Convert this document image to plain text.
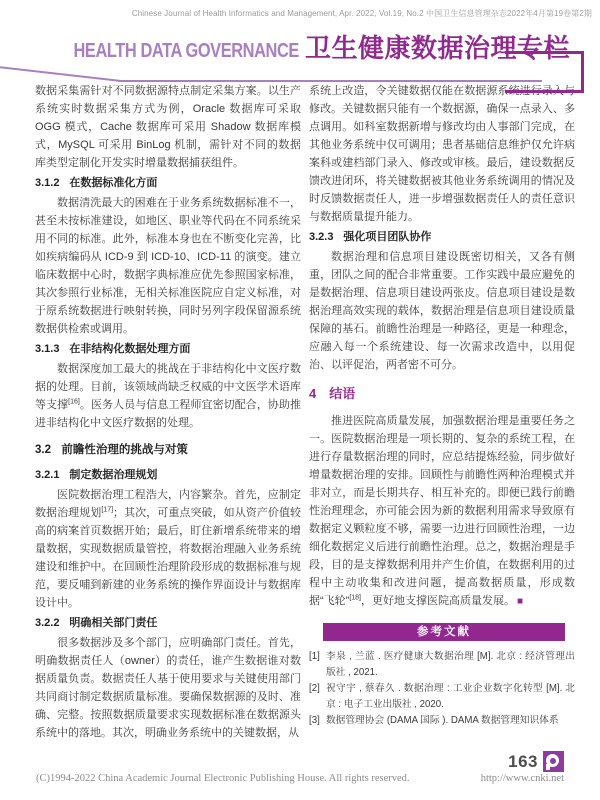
Chinese Journal of Health Informatics and Management, Apr. 2022, Vol.19, No.2 中国卫生信息管理杂志2022年4月第19卷第2期
HEALTH DATA GOVERNANCE 卫生健康数据治理专栏

数据采集需针对不同数据源特点制定采集方案。以生产系统实时数据采集方式为例，Oracle 数据库可采取 OGG 模式，Cache 数据库可采用 Shadow 数据库模式，MySQL 可采用 BinLog 机制，需针对不同的数据库类型定制化开发实时增量数据捕获组件。

3.1.2 在数据标准化方面

数据清洗最大的困难在于业务系统数据标准不一，甚至未按标准建设，如地区、职业等代码在不同系统采用不同的标准。此外，标准本身也在不断变化完善，比如疾病编码从 ICD-9 到 ICD-10、ICD-11 的演变。建立临床数据中心时，数据字典标准应优先参照国家标准，其次参照行业标准，无相关标准医院应自定义标准，对于原系统数据进行映射转换，同时另列字段保留源系统数据供检索或调用。

3.1.3 在非结构化数据处理方面

数据深度加工最大的挑战在于非结构化中文医疗数据的处理。目前，该领域尚缺乏权威的中文医学术语库等支撑[16]。医务人员与信息工程师宜密切配合，协助推进非结构化中文医疗数据的处理。

3.2 前瞻性治理的挑战与对策
3.2.1 制定数据治理规划

医院数据治理工程浩大，内容繁杂。首先，应制定数据治理规划[17]；其次，可重点突破，如从资产价值较高的病案首页数据开始；最后，盯住新增系统带来的增量数据，实现数据质量管控，将数据治理融入业务系统建设和维护中。在回顾性治理阶段形成的数据标准与规范，要反哺到新建的业务系统的操作界面设计与数据库设计中。

3.2.2 明确相关部门责任

很多数据涉及多个部门，应明确部门责任。首先，明确数据责任人（owner）的责任，谁产生数据谁对数据质量负责。数据责任人基于使用要求与关键使用部门共同商讨制定数据质量标准。要确保数据源的及时、准确、完整。按照数据质量要求实现数据标准在数据源头系统中的落地。其次，明确业务系统中的关键数据，从

系统上改造，令关键数据仅能在数据源系统进行录入与修改。关键数据只能有一个数据源，确保一点录入、多点调用。如科室数据新增与修改均由人事部门完成，在其他业务系统中仅可调用；患者基础信息维护仅允许病案科或建档部门录入、修改或审核。最后，建设数据反馈改进闭环，将关键数据被其他业务系统调用的情况及时反馈数据责任人，进一步增强数据责任人的责任意识与数据质量提升能力。

3.2.3 强化项目团队协作

数据治理和信息项目建设既密切相关，又各有侧重，团队之间的配合非常重要。工作实践中最应避免的是数据治理、信息项目建设两张皮。信息项目建设是数据治理高效实现的载体，数据治理是信息项目建设质量保障的基石。前瞻性治理是一种路径，更是一种理念，应融入每一个系统建设、每一次需求改造中，以用促治、以评促治，两者密不可分。

4 结语

推进医院高质量发展，加强数据治理是重要任务之一。医院数据治理是一项长期的、复杂的系统工程，在进行存量数据治理的同时，应总结提炼经验，同步做好增量数据治理的安排。回顾性与前瞻性两种治理模式并非对立，而是长期共存、相互补充的。即便已践行前瞻性治理理念，亦可能会因为新的数据利用需求导致原有数据定义颗粒度不够，需要一边进行回顾性治理，一边细化数据定义后进行前瞻性治理。总之，数据治理是手段，目的是支撑数据利用并产生价值，在数据利用的过程中主动收集和改进问题，提高数据质量，形成数据“飞轮”[18]，更好地支撑医院高质量发展。 ■

参考文献
[1] 李泉 , 兰蓝 . 医疗健康大数据治理 [M]. 北京 : 经济管理出版社 , 2021.
[2] 祝守宇 , 蔡春久 . 数据治理 : 工业企业数字化转型 [M]. 北京 : 电子工业出版社 , 2020.
[3] 数据管理协会 (DAMA 国际 ). DAMA 数据管理知识体系
163
(C)1994-2022 China Academic Journal Electronic Publishing House. All rights reserved.	http://www.cnki.net
